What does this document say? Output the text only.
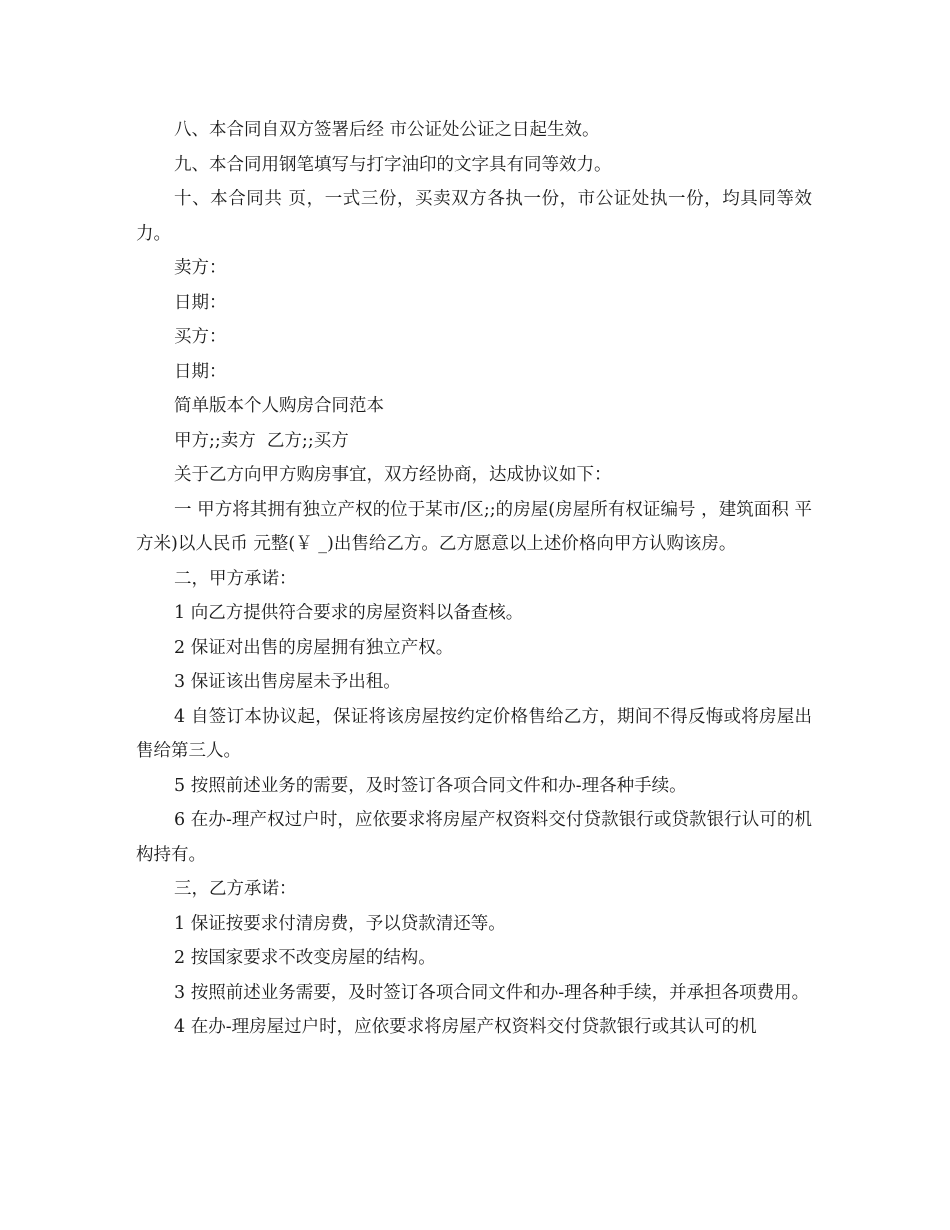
八、本合同自双方签署后经 市公证处公证之日起生效。

九、本合同用钢笔填写与打字油印的文字具有同等效力。

十、本合同共 页，一式三份，买卖双方各执一份，市公证处执一份，均具同等效力。

卖方：

日期：

买方：

日期：

简单版本个人购房合同范本

甲方;;卖方  乙方;;买方

关于乙方向甲方购房事宜，双方经协商，达成协议如下：

一 甲方将其拥有独立产权的位于某市/区;;的房屋(房屋所有权证编号 ，建筑面积 平方米)以人民币 元整(￥ _)出售给乙方。乙方愿意以上述价格向甲方认购该房。

二，甲方承诺：

1 向乙方提供符合要求的房屋资料以备查核。

2 保证对出售的房屋拥有独立产权。

3 保证该出售房屋未予出租。

4 自签订本协议起，保证将该房屋按约定价格售给乙方，期间不得反悔或将房屋出售给第三人。

5 按照前述业务的需要，及时签订各项合同文件和办-理各种手续。

6 在办-理产权过户时，应依要求将房屋产权资料交付贷款银行或贷款银行认可的机构持有。

三，乙方承诺：

1 保证按要求付清房费，予以贷款清还等。

2 按国家要求不改变房屋的结构。

3 按照前述业务需要，及时签订各项合同文件和办-理各种手续，并承担各项费用。

4 在办-理房屋过户时，应依要求将房屋产权资料交付贷款银行或其认可的机
